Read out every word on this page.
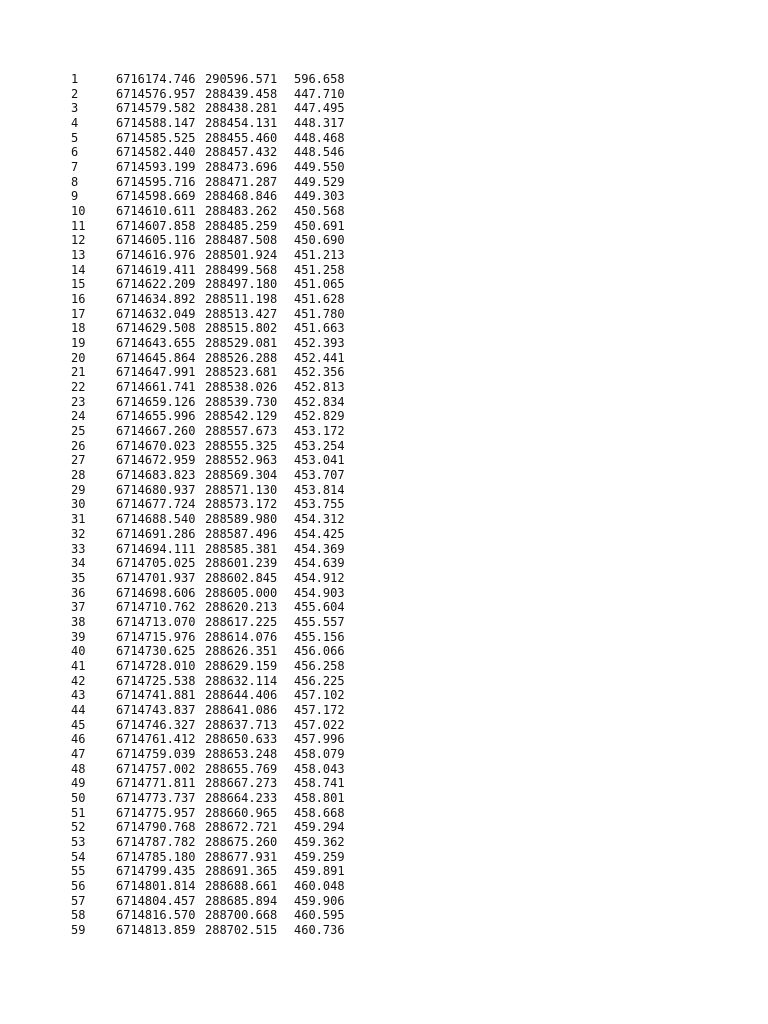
1	6716174.746 290596.571	596.658
2	6714576.957 288439.458	447.710
3	6714579.582 288438.281	447.495
4	6714588.147 288454.131	448.317
5	6714585.525 288455.460	448.468
6	6714582.440 288457.432	448.546
7	6714593.199 288473.696	449.550
8	6714595.716 288471.287	449.529
9	6714598.669 288468.846	449.303
10	6714610.611 288483.262	450.568
11	6714607.858 288485.259	450.691
12	6714605.116 288487.508	450.690
13	6714616.976 288501.924	451.213
14	6714619.411 288499.568	451.258
15	6714622.209 288497.180	451.065
16	6714634.892 288511.198	451.628
17	6714632.049 288513.427	451.780
18	6714629.508 288515.802	451.663
19	6714643.655 288529.081	452.393
20	6714645.864 288526.288	452.441
21	6714647.991 288523.681	452.356
22	6714661.741 288538.026	452.813
23	6714659.126 288539.730	452.834
24	6714655.996 288542.129	452.829
25	6714667.260 288557.673	453.172
26	6714670.023 288555.325	453.254
27	6714672.959 288552.963	453.041
28	6714683.823 288569.304	453.707
29	6714680.937 288571.130	453.814
30	6714677.724 288573.172	453.755
31	6714688.540 288589.980	454.312
32	6714691.286 288587.496	454.425
33	6714694.111 288585.381	454.369
34	6714705.025 288601.239	454.639
35	6714701.937 288602.845	454.912
36	6714698.606 288605.000	454.903
37	6714710.762 288620.213	455.604
38	6714713.070 288617.225	455.557
39	6714715.976 288614.076	455.156
40	6714730.625 288626.351	456.066
41	6714728.010 288629.159	456.258
42	6714725.538 288632.114	456.225
43	6714741.881 288644.406	457.102
44	6714743.837 288641.086	457.172
45	6714746.327 288637.713	457.022
46	6714761.412 288650.633	457.996
47	6714759.039 288653.248	458.079
48	6714757.002 288655.769	458.043
49	6714771.811 288667.273	458.741
50	6714773.737 288664.233	458.801
51	6714775.957 288660.965	458.668
52	6714790.768 288672.721	459.294
53	6714787.782 288675.260	459.362
54	6714785.180 288677.931	459.259
55	6714799.435 288691.365	459.891
56	6714801.814 288688.661	460.048
57	6714804.457 288685.894	459.906
58	6714816.570 288700.668	460.595
59	6714813.859 288702.515	460.736
